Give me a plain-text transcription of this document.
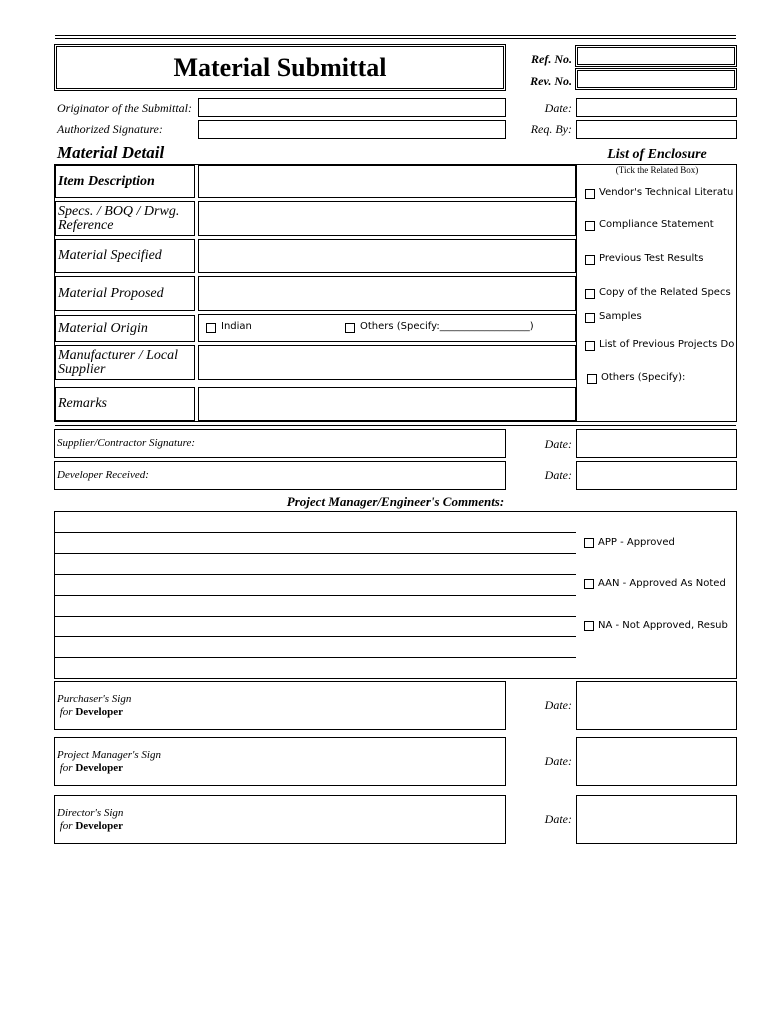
Material Submittal	Ref. No.
Rev. No.
Originator of the Submittal:	Date:
Authorized Signature:	Req. By:
Material Detail	List of Enclosure
(Tick the Related Box)
Item Description
Specs. / BOQ / Drwg.
Reference
Material Specified
Material Proposed
Material Origin
Manufacturer / Local
Supplier
Remarks
Indian	Others (Specify:__________________)
Vendor's Technical Literatu
Compliance Statement
Previous Test Results
Copy of the Related Specs
Samples
List of Previous Projects Do
Others (Specify):
Supplier/Contractor Signature:	Date:
Developer Received:	Date:
Project Manager/Engineer's Comments:
APP - Approved
AAN - Approved As Noted
NA - Not Approved, Resub
Purchaser's Sign
for Developer	Date:
Project Manager's Sign
for Developer	Date:
Director's Sign
for Developer	Date:
